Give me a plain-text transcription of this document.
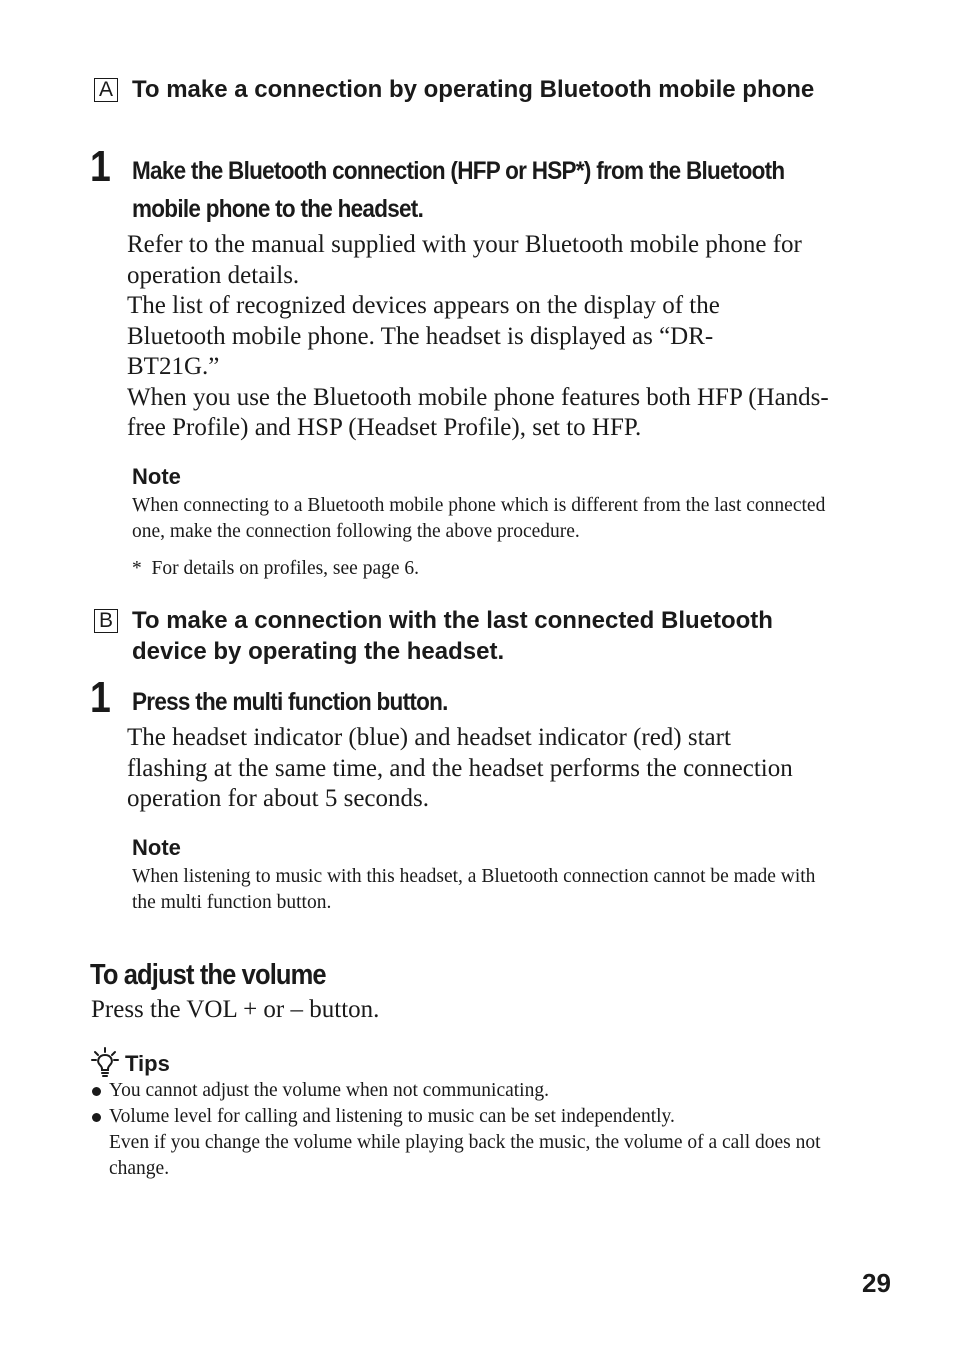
A To make a connection by operating Bluetooth mobile phone
1 Make the Bluetooth connection (HFP or HSP*) from the Bluetooth
mobile phone to the headset.

Refer to the manual supplied with your Bluetooth mobile phone for operation details.

The list of recognized devices appears on the display of the Bluetooth mobile phone. The headset is displayed as “DR-BT21G.”

When you use the Bluetooth mobile phone features both HFP (Hands-free Profile) and HSP (Headset Profile), set to HFP.

Note
When connecting to a Bluetooth mobile phone which is different from the last connected one, make the connection following the above procedure.
*  For details on profiles, see page 6.
B To make a connection with the last connected Bluetooth device by operating the headset.
1 Press the multi function button.

The headset indicator (blue) and headset indicator (red) start flashing at the same time, and the headset performs the connection operation for about 5 seconds.

Note
When listening to music with this headset, a Bluetooth connection cannot be made with the multi function button.
To adjust the volume
Press the VOL + or – button.
Tips
You cannot adjust the volume when not communicating.

Volume level for calling and listening to music can be set independently.

Even if you change the volume while playing back the music, the volume of a call does not change.

29
